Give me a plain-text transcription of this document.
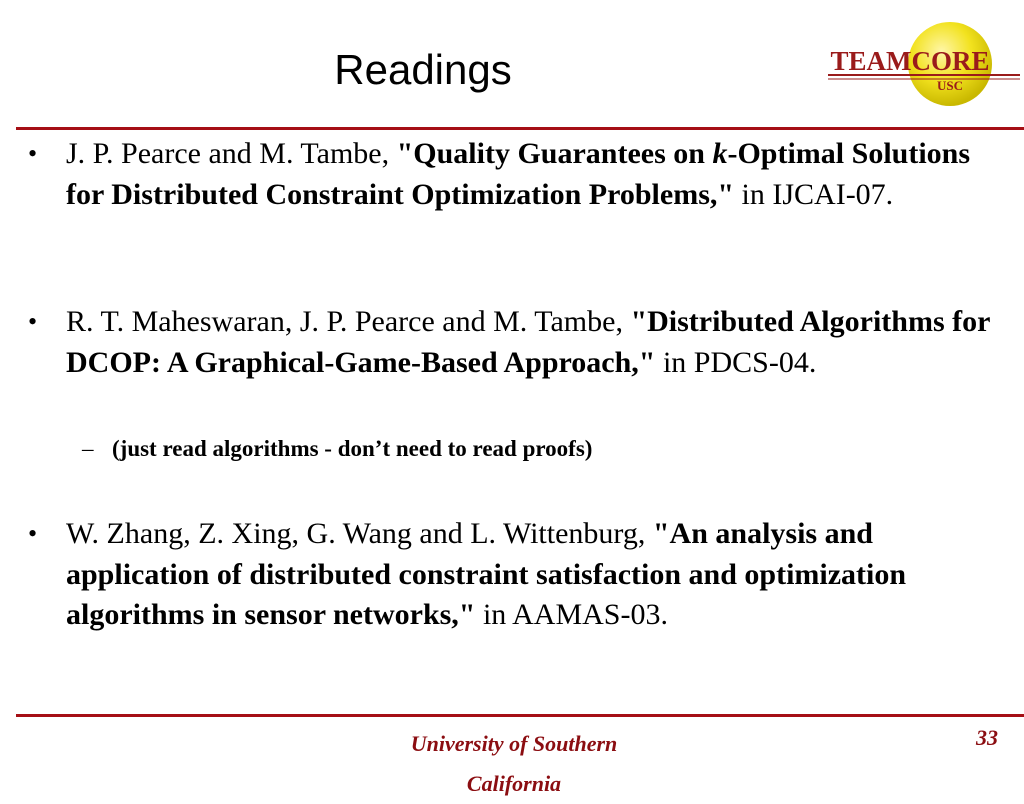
Readings	TEAMCORE
USC
• J. P. Pearce and M. Tambe, "Quality Guarantees on k-Optimal Solutions for Distributed Constraint Optimization Problems," in IJCAI-07.
• R. T. Maheswaran, J. P. Pearce and M. Tambe, "Distributed Algorithms for DCOP: A Graphical-Game-Based Approach," in PDCS-04.
– (just read algorithms - don’t need to read proofs)
• W. Zhang, Z. Xing, G. Wang and L. Wittenburg, "An analysis and application of distributed constraint satisfaction and optimization algorithms in sensor networks," in AAMAS-03.
University of Southern California
33
